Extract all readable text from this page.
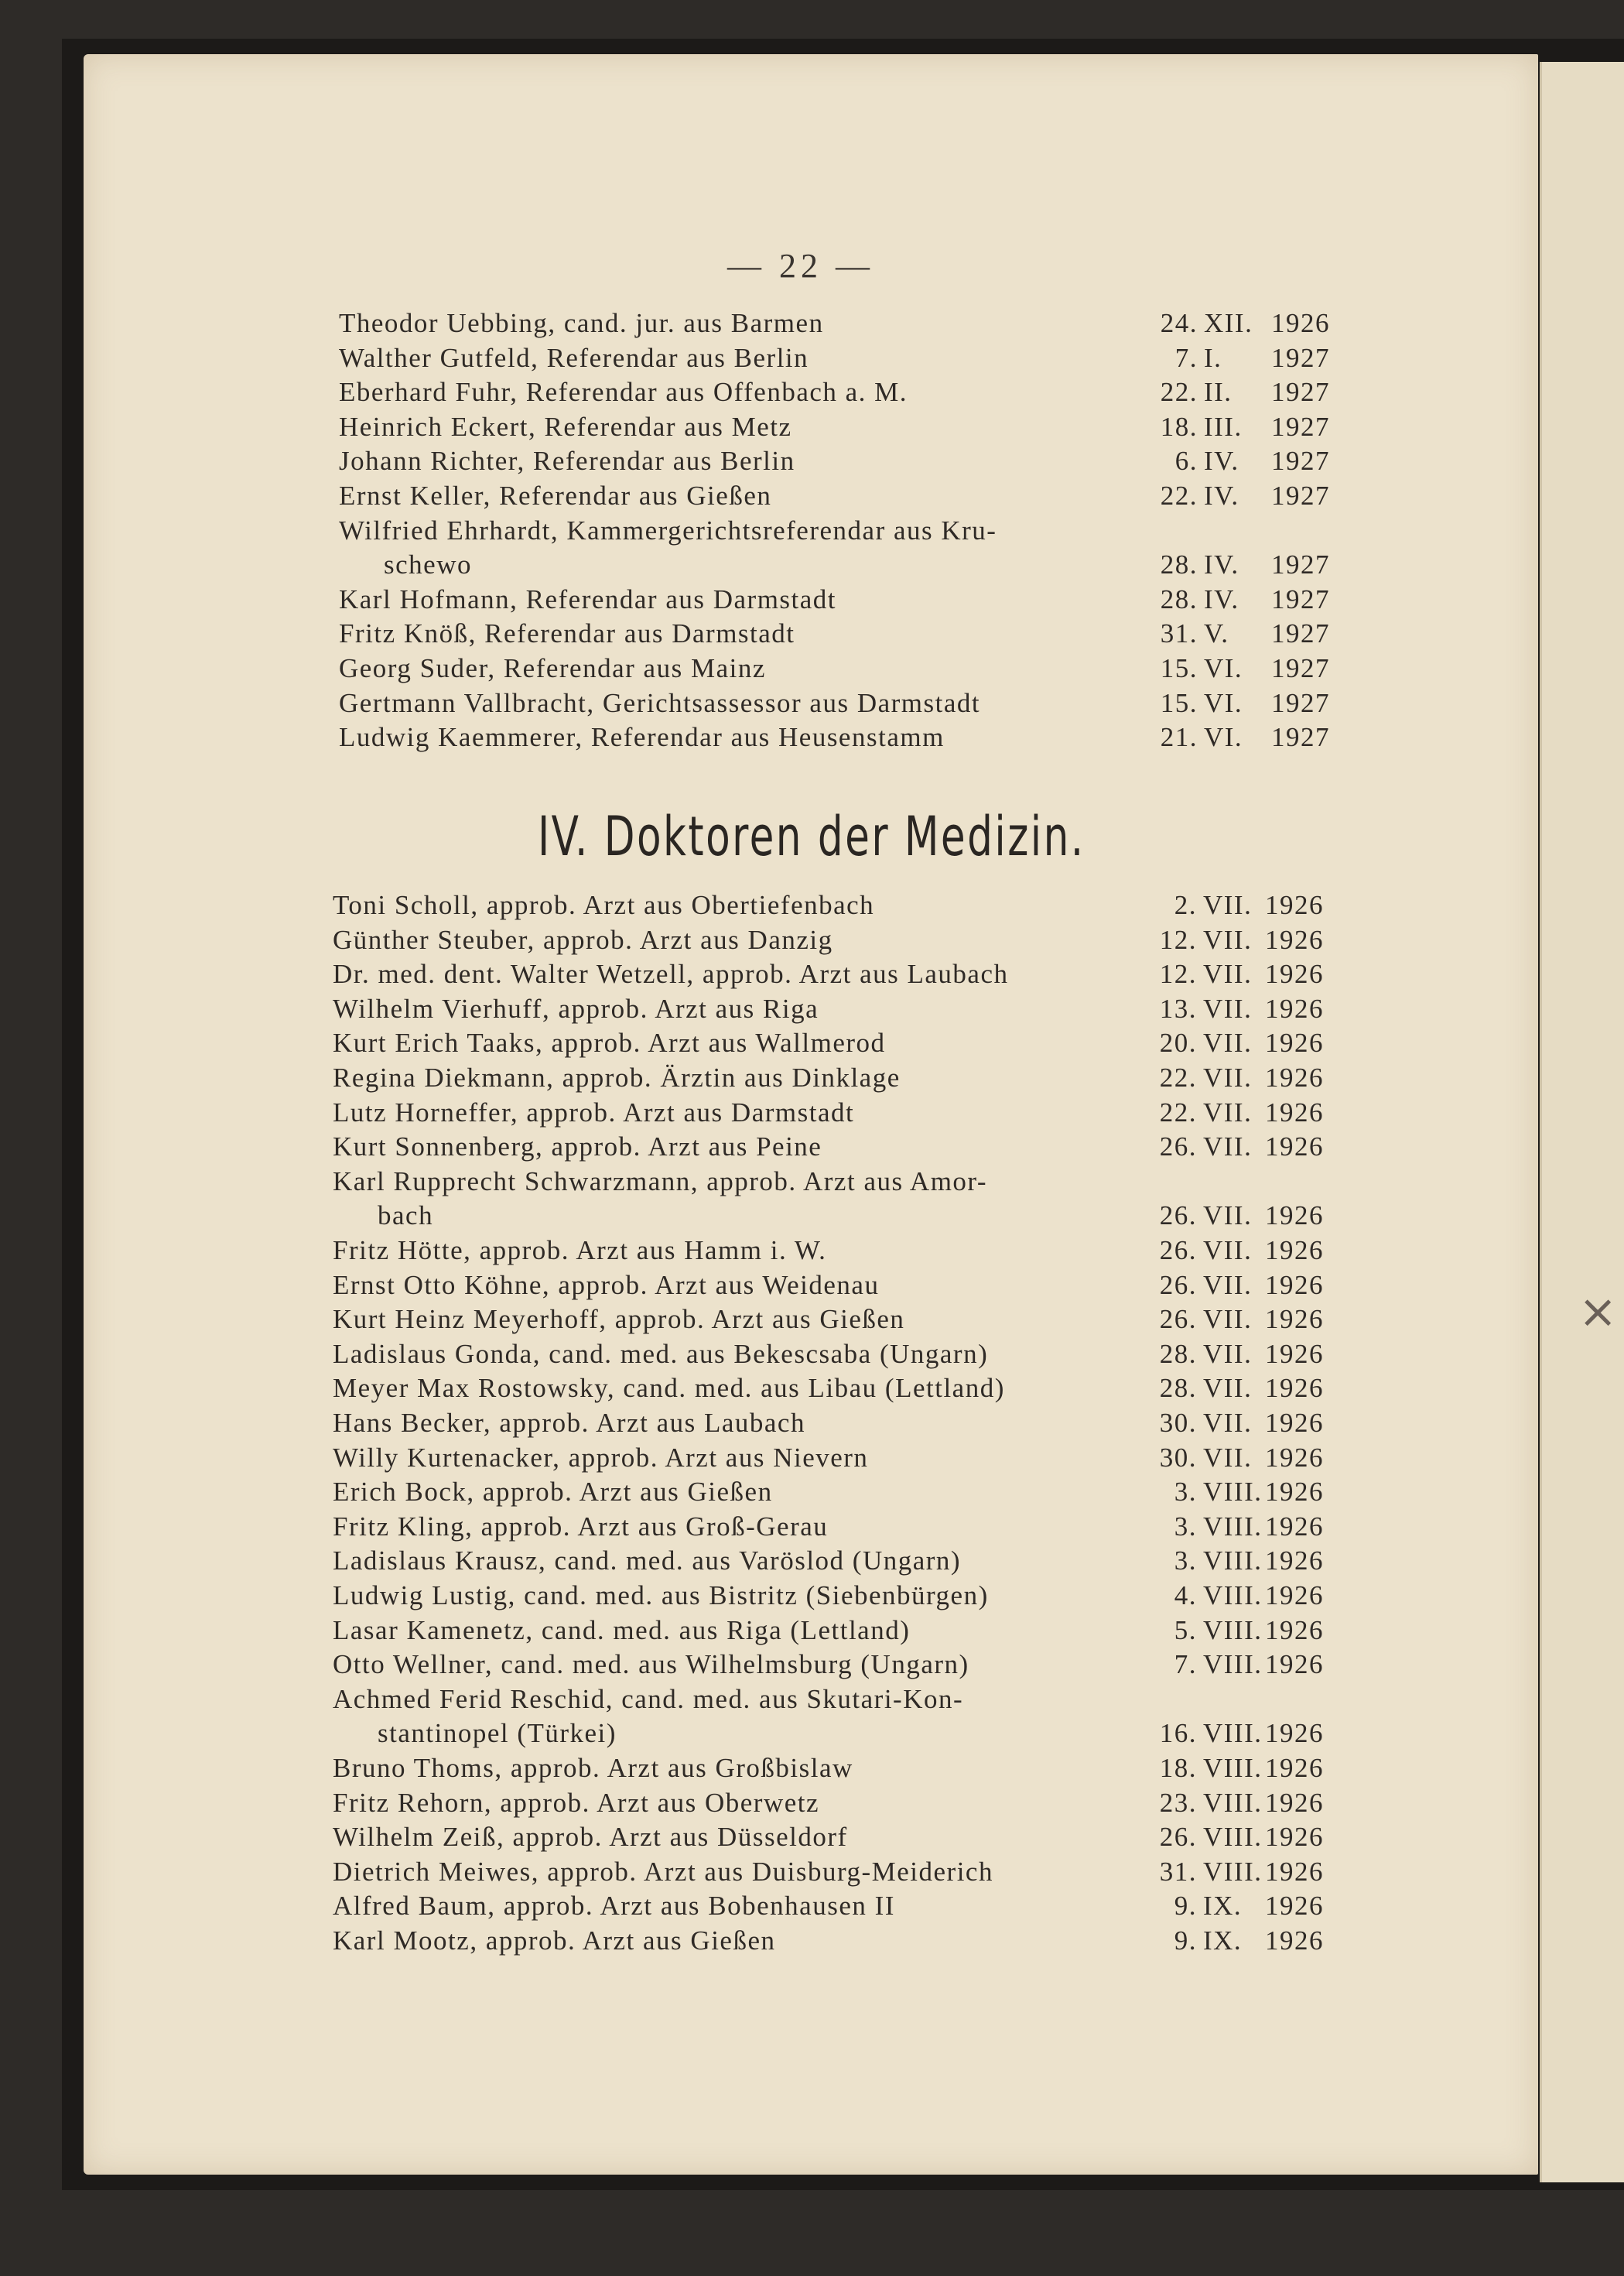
— 22 —
Theodor Uebbing, cand. jur. aus Barmen	24. XII. 1926
Walther Gutfeld, Referendar aus Berlin	7. I. 1927
Eberhard Fuhr, Referendar aus Offenbach a. M.	22. II. 1927
Heinrich Eckert, Referendar aus Metz	18. III. 1927
Johann Richter, Referendar aus Berlin	6. IV. 1927
Ernst Keller, Referendar aus Gießen	22. IV. 1927
Wilfried Ehrhardt, Kammergerichtsreferendar aus Kru-
schewo	28. IV. 1927
Karl Hofmann, Referendar aus Darmstadt	28. IV. 1927
Fritz Knöß, Referendar aus Darmstadt	31. V. 1927
Georg Suder, Referendar aus Mainz	15. VI. 1927
Gertmann Vallbracht, Gerichtsassessor aus Darmstadt	15. VI. 1927
Ludwig Kaemmerer, Referendar aus Heusenstamm	21. VI. 1927
IV. Doktoren der Medizin.
Toni Scholl, approb. Arzt aus Obertiefenbach	2. VII. 1926
Günther Steuber, approb. Arzt aus Danzig	12. VII. 1926
Dr. med. dent. Walter Wetzell, approb. Arzt aus Laubach	12. VII. 1926
Wilhelm Vierhuff, approb. Arzt aus Riga	13. VII. 1926
Kurt Erich Taaks, approb. Arzt aus Wallmerod	20. VII. 1926
Regina Diekmann, approb. Ärztin aus Dinklage	22. VII. 1926
Lutz Horneffer, approb. Arzt aus Darmstadt	22. VII. 1926
Kurt Sonnenberg, approb. Arzt aus Peine	26. VII. 1926
Karl Rupprecht Schwarzmann, approb. Arzt aus Amor-
bach	26. VII. 1926
Fritz Hötte, approb. Arzt aus Hamm i. W.	26. VII. 1926
Ernst Otto Köhne, approb. Arzt aus Weidenau	26. VII. 1926
Kurt Heinz Meyerhoff, approb. Arzt aus Gießen	26. VII. 1926
Ladislaus Gonda, cand. med. aus Bekescsaba (Ungarn)	28. VII. 1926
Meyer Max Rostowsky, cand. med. aus Libau (Lettland)	28. VII. 1926
Hans Becker, approb. Arzt aus Laubach	30. VII. 1926
Willy Kurtenacker, approb. Arzt aus Nievern	30. VII. 1926
Erich Bock, approb. Arzt aus Gießen	3. VIII. 1926
Fritz Kling, approb. Arzt aus Groß-Gerau	3. VIII. 1926
Ladislaus Krausz, cand. med. aus Varöslod (Ungarn)	3. VIII. 1926
Ludwig Lustig, cand. med. aus Bistritz (Siebenbürgen)	4. VIII. 1926
Lasar Kamenetz, cand. med. aus Riga (Lettland)	5. VIII. 1926
Otto Wellner, cand. med. aus Wilhelmsburg (Ungarn)	7. VIII. 1926
Achmed Ferid Reschid, cand. med. aus Skutari-Kon-
stantinopel (Türkei)	16. VIII. 1926
Bruno Thoms, approb. Arzt aus Großbislaw	18. VIII. 1926
Fritz Rehorn, approb. Arzt aus Oberwetz	23. VIII. 1926
Wilhelm Zeiß, approb. Arzt aus Düsseldorf	26. VIII. 1926
Dietrich Meiwes, approb. Arzt aus Duisburg-Meiderich	31. VIII. 1926
Alfred Baum, approb. Arzt aus Bobenhausen II	9. IX. 1926
Karl Mootz, approb. Arzt aus Gießen	9. IX. 1926
×
